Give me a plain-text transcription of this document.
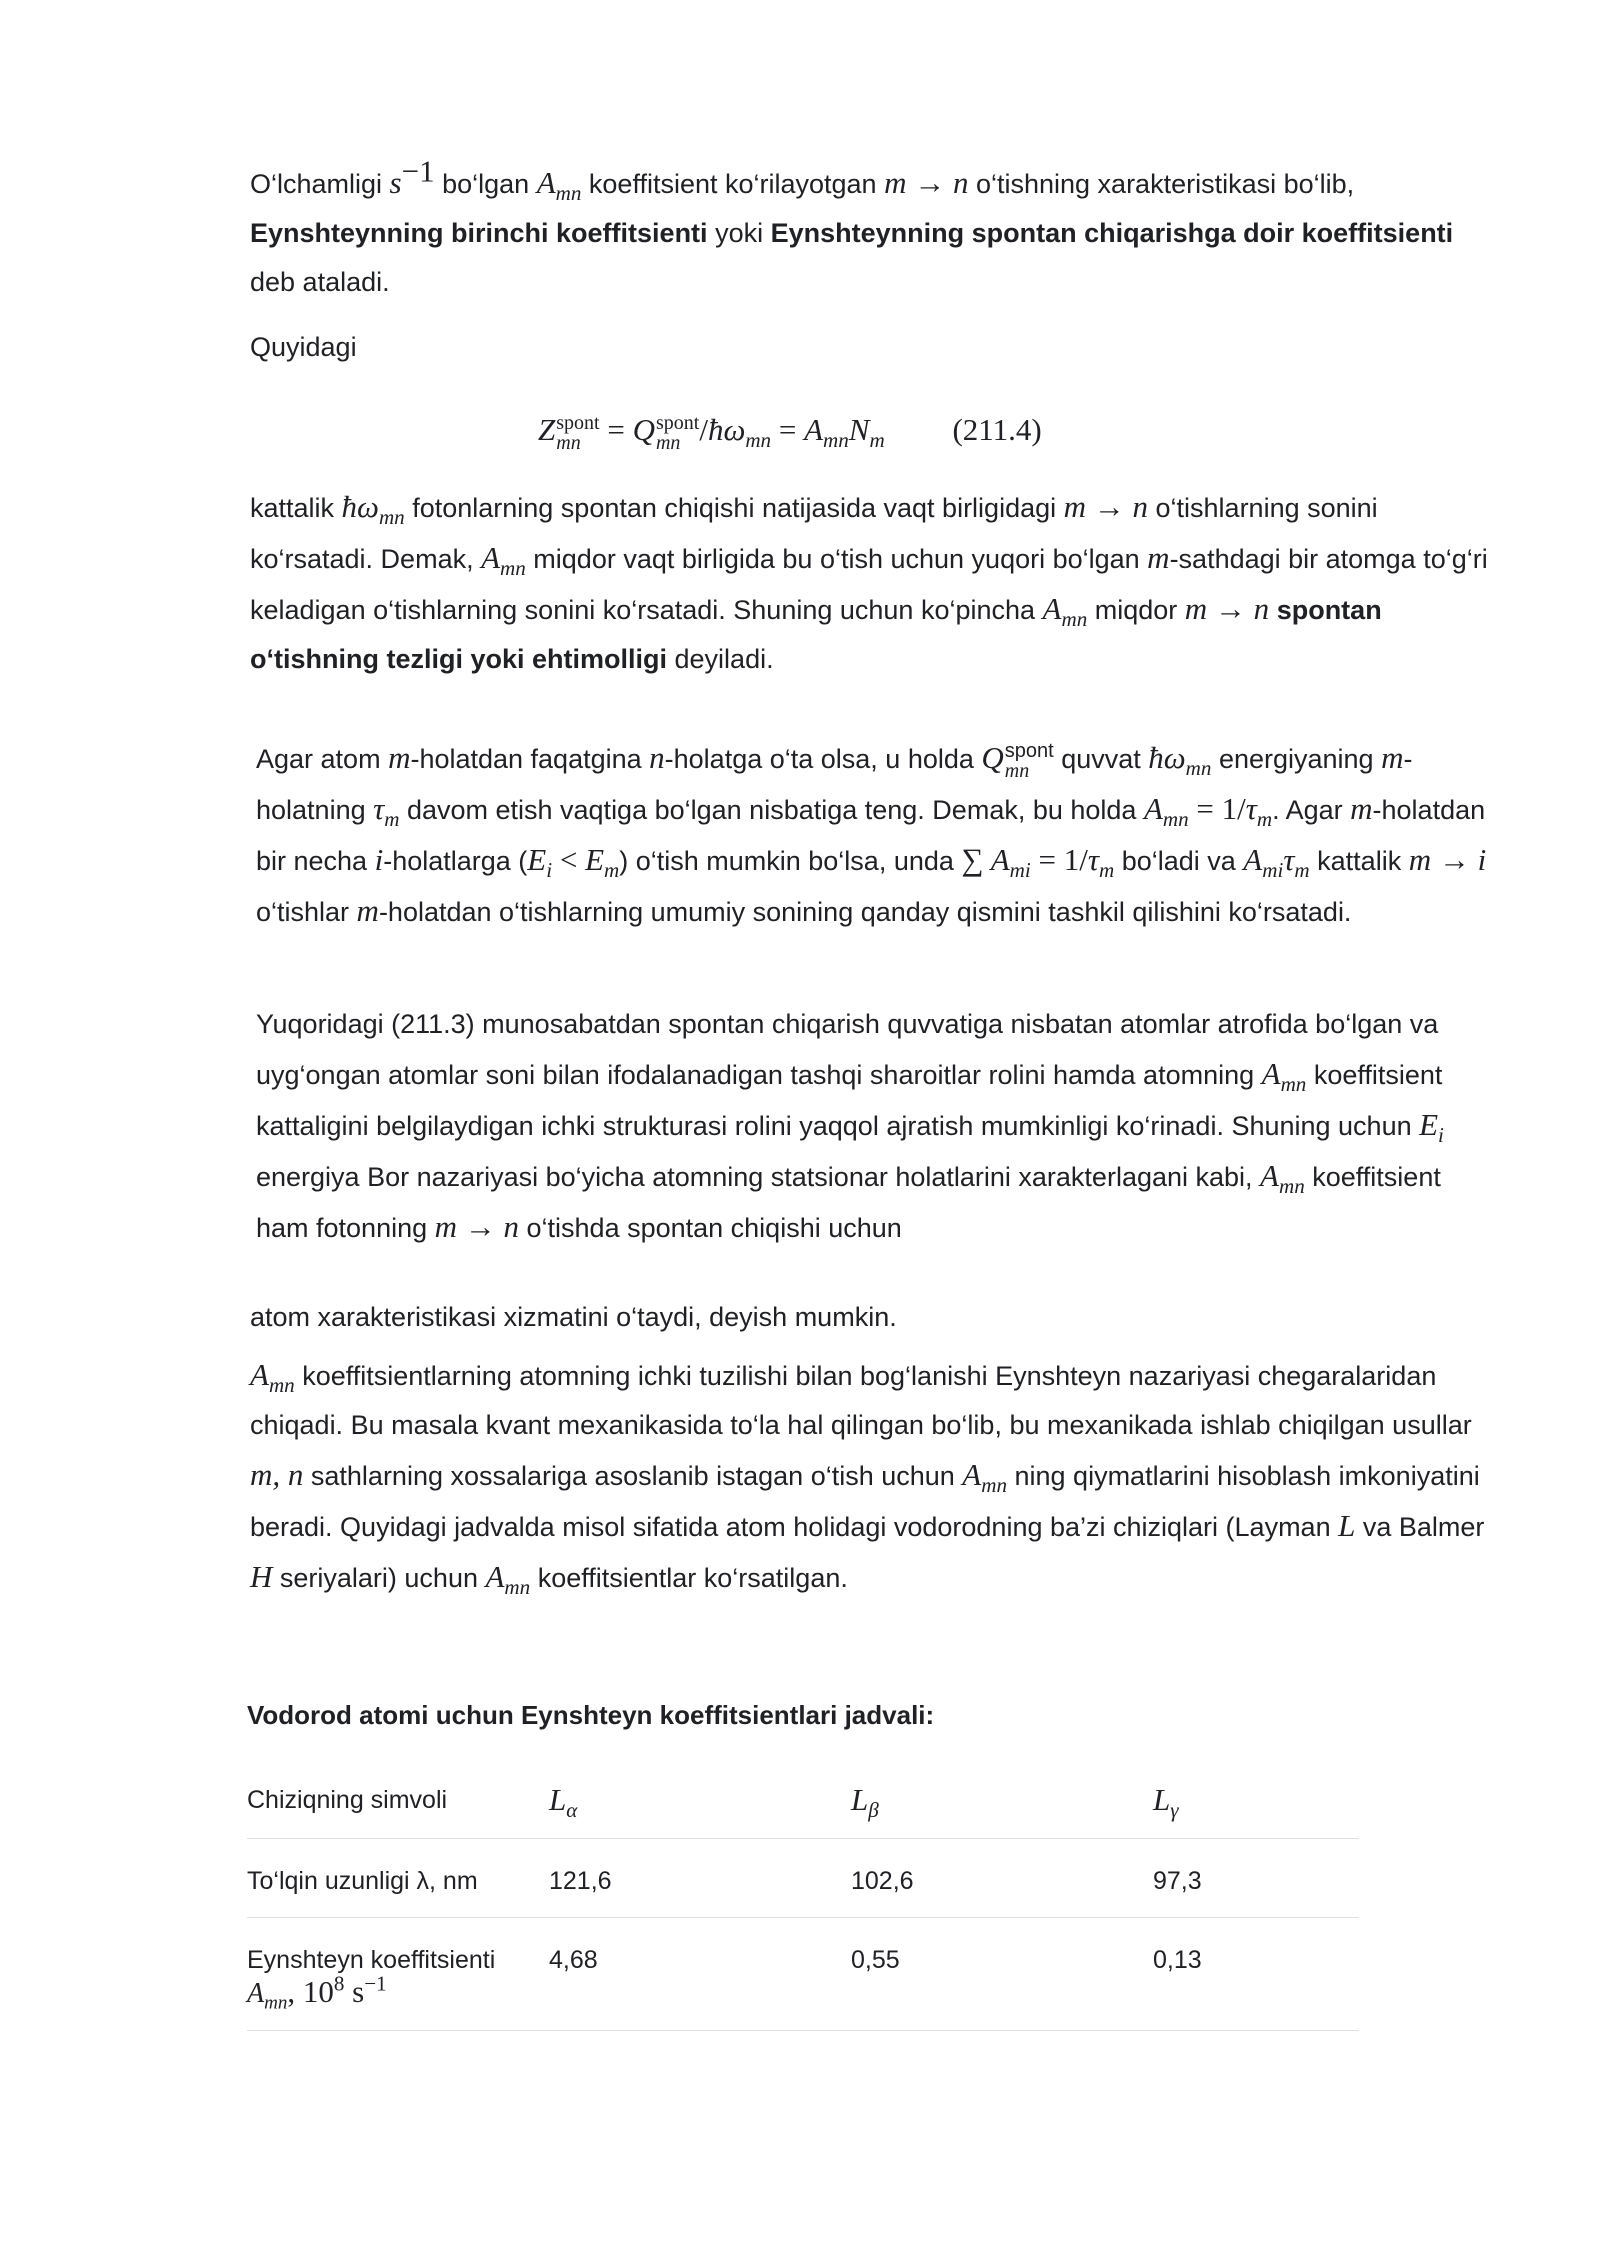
O‘lchamligi $s^{-1}$ bo‘lgan $A_{mn}$ koeffitsient ko‘rilayotgan m → n o‘tishning xarakteristikasi bo‘lib, Eynshteynning birinchi koeffitsienti yoki Eynshteynning spontan chiqarishga doir koeffitsienti deb ataladi.
Quyidagi
Z spont
mn = Q spont
mn $/ħ\omega_{mn} = A_{mn}N_m$ (211.4)
kattalik $ħ\omega_{mn}$ fotonlarning spontan chiqishi natijasida vaqt birligidagi m → n o‘tishlarning sonini ko‘rsatadi. Demak, $A_{mn}$ miqdor vaqt birligida bu o‘tish uchun yuqori bo‘lgan m-sathdagi bir atomga to‘g‘ri keladigan o‘tishlarning sonini ko‘rsatadi. Shuning uchun ko‘pincha $A_{mn}$ miqdor m → n spontan o‘tishning tezligi yoki ehtimolligi deyiladi.
Agar atom m-holatdan faqatgina n-holatga o‘ta olsa, u holda Q spont
mn quvvat $ħ\omega_{mn}$ energiyaning m-holatning $\tau_m$ davom etish vaqtiga bo‘lgan nisbatiga teng. Demak, bu holda $A_{mn} = 1/\tau_m$. Agar m-holatdan bir necha i-holatlarga $(E_i < E_m)$ o‘tish mumkin bo‘lsa, unda ∑ $A_{mi} = 1/\tau_m$ bo‘ladi va $A_{mi}\tau_m$ kattalik m → i o‘tishlar m-holatdan o‘tishlarning umumiy sonining qanday qismini tashkil qilishini ko‘rsatadi.
Yuqoridagi (211.3) munosabatdan spontan chiqarish quvvatiga nisbatan atomlar atrofida bo‘lgan va uyg‘ongan atomlar soni bilan ifodalanadigan tashqi sharoitlar rolini hamda atomning $A_{mn}$ koeffitsient kattaligini belgilaydigan ichki strukturasi rolini yaqqol ajratish mumkinligi ko‘rinadi. Shuning uchun $E_i$ energiya Bor nazariyasi bo‘yicha atomning statsionar holatlarini xarakterlagani kabi, $A_{mn}$ koeffitsient ham fotonning m → n o‘tishda spontan chiqishi uchun
atom xarakteristikasi xizmatini o‘taydi, deyish mumkin.
$A_{mn}$ koeffitsientlarning atomning ichki tuzilishi bilan bog‘lanishi Eynshteyn nazariyasi chegaralaridan chiqadi. Bu masala kvant mexanikasida to‘la hal qilingan bo‘lib, bu mexanikada ishlab chiqilgan usullar m, n sathlarning xossalariga asoslanib istagan o‘tish uchun $A_{mn}$ ning qiymatlarini hisoblash imkoniyatini beradi. Quyidagi jadvalda misol sifatida atom holidagi vodorodning ba’zi chiziqlari (Layman L va Balmer H seriyalari) uchun $A_{mn}$ koeffitsientlar ko‘rsatilgan.
Vodorod atomi uchun Eynshteyn koeffitsientlari jadvali:
Chiziqning simvoli	$L_\alpha$	$L_\beta$	$L_\gamma$
To‘lqin uzunligi λ, nm	121,6	102,6	97,3
Eynshteyn koeffitsienti
$A_{mn}$, $10^8$ $s^{-1}$	4,68	0,55	0,13
